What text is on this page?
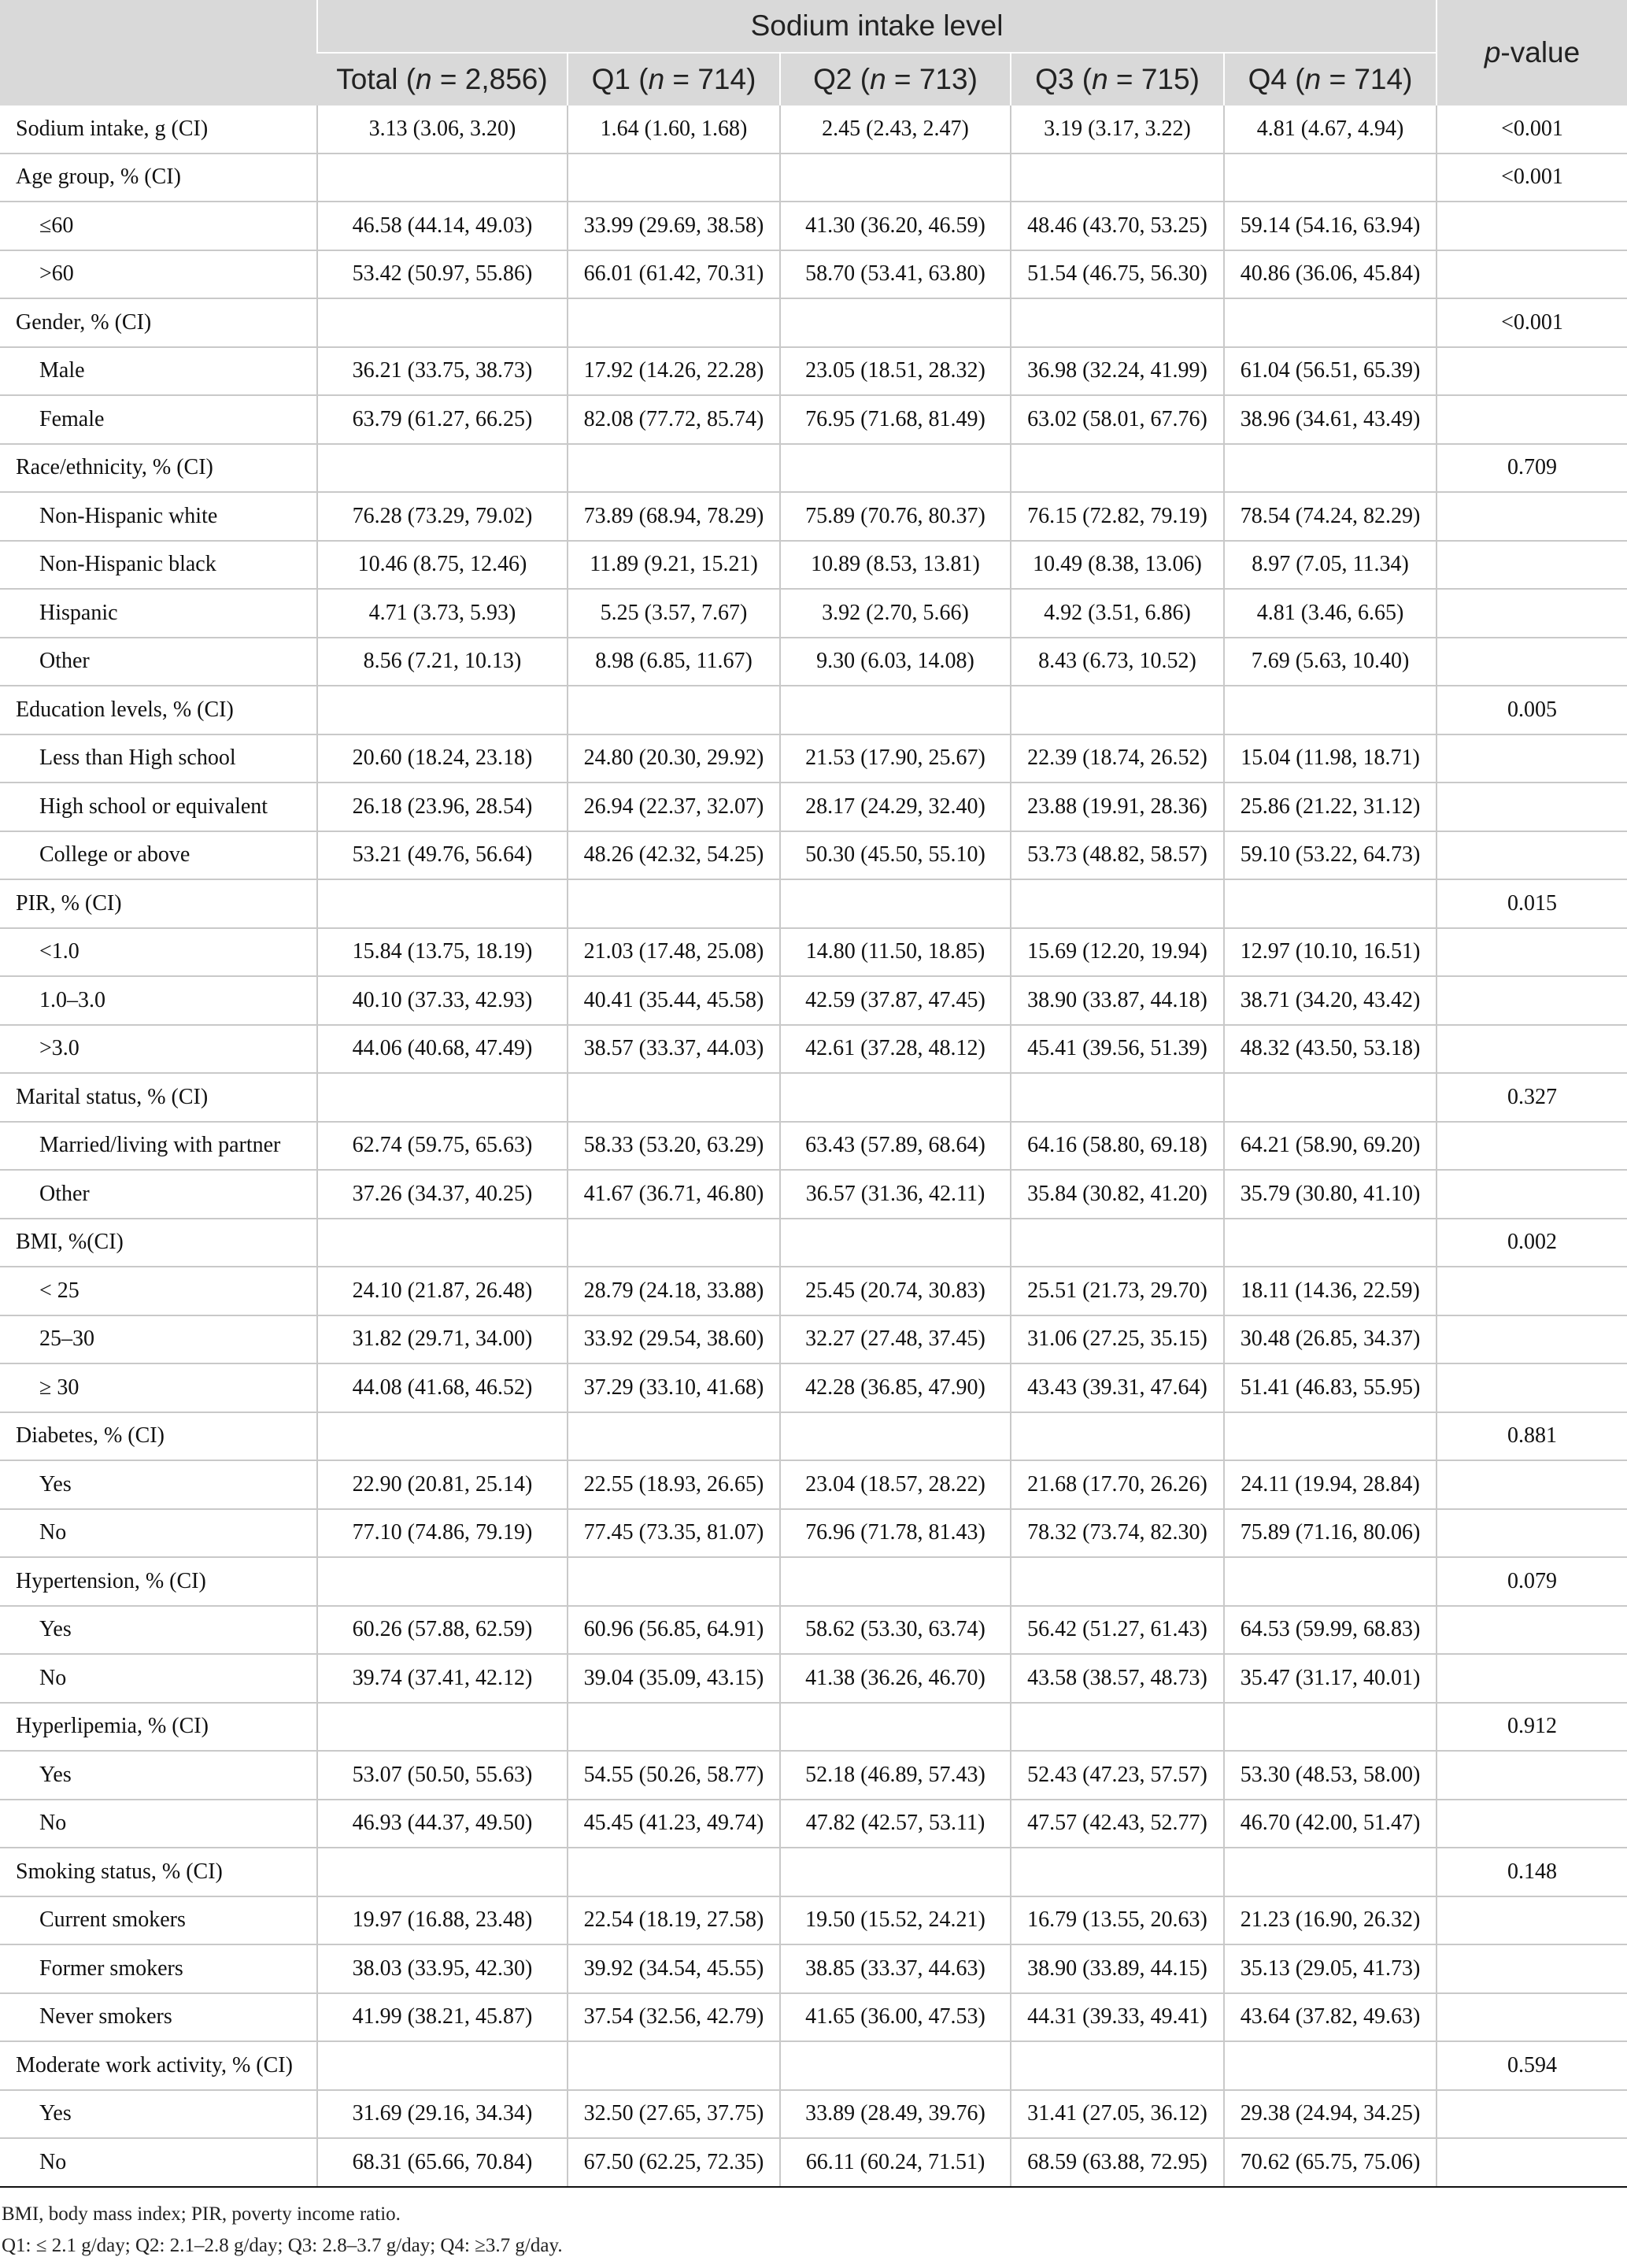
	Sodium intake level					p-value
	Total (n = 2,856)	Q1 (n = 714)	Q2 (n = 713)	Q3 (n = 715)	Q4 (n = 714)	
Sodium intake, g (CI)	3.13 (3.06, 3.20)	1.64 (1.60, 1.68)	2.45 (2.43, 2.47)	3.19 (3.17, 3.22)	4.81 (4.67, 4.94)	<0.001
Age group, % (CI)						<0.001
≤60	46.58 (44.14, 49.03)	33.99 (29.69, 38.58)	41.30 (36.20, 46.59)	48.46 (43.70, 53.25)	59.14 (54.16, 63.94)	
>60	53.42 (50.97, 55.86)	66.01 (61.42, 70.31)	58.70 (53.41, 63.80)	51.54 (46.75, 56.30)	40.86 (36.06, 45.84)	
Gender, % (CI)						<0.001
Male	36.21 (33.75, 38.73)	17.92 (14.26, 22.28)	23.05 (18.51, 28.32)	36.98 (32.24, 41.99)	61.04 (56.51, 65.39)	
Female	63.79 (61.27, 66.25)	82.08 (77.72, 85.74)	76.95 (71.68, 81.49)	63.02 (58.01, 67.76)	38.96 (34.61, 43.49)	
Race/ethnicity, % (CI)						0.709
Non-Hispanic white	76.28 (73.29, 79.02)	73.89 (68.94, 78.29)	75.89 (70.76, 80.37)	76.15 (72.82, 79.19)	78.54 (74.24, 82.29)	
Non-Hispanic black	10.46 (8.75, 12.46)	11.89 (9.21, 15.21)	10.89 (8.53, 13.81)	10.49 (8.38, 13.06)	8.97 (7.05, 11.34)	
Hispanic	4.71 (3.73, 5.93)	5.25 (3.57, 7.67)	3.92 (2.70, 5.66)	4.92 (3.51, 6.86)	4.81 (3.46, 6.65)	
Other	8.56 (7.21, 10.13)	8.98 (6.85, 11.67)	9.30 (6.03, 14.08)	8.43 (6.73, 10.52)	7.69 (5.63, 10.40)	
Education levels, % (CI)						0.005
Less than High school	20.60 (18.24, 23.18)	24.80 (20.30, 29.92)	21.53 (17.90, 25.67)	22.39 (18.74, 26.52)	15.04 (11.98, 18.71)	
High school or equivalent	26.18 (23.96, 28.54)	26.94 (22.37, 32.07)	28.17 (24.29, 32.40)	23.88 (19.91, 28.36)	25.86 (21.22, 31.12)	
College or above	53.21 (49.76, 56.64)	48.26 (42.32, 54.25)	50.30 (45.50, 55.10)	53.73 (48.82, 58.57)	59.10 (53.22, 64.73)	
PIR, % (CI)						0.015
<1.0	15.84 (13.75, 18.19)	21.03 (17.48, 25.08)	14.80 (11.50, 18.85)	15.69 (12.20, 19.94)	12.97 (10.10, 16.51)	
1.0–3.0	40.10 (37.33, 42.93)	40.41 (35.44, 45.58)	42.59 (37.87, 47.45)	38.90 (33.87, 44.18)	38.71 (34.20, 43.42)	
>3.0	44.06 (40.68, 47.49)	38.57 (33.37, 44.03)	42.61 (37.28, 48.12)	45.41 (39.56, 51.39)	48.32 (43.50, 53.18)	
Marital status, % (CI)						0.327
Married/living with partner	62.74 (59.75, 65.63)	58.33 (53.20, 63.29)	63.43 (57.89, 68.64)	64.16 (58.80, 69.18)	64.21 (58.90, 69.20)	
Other	37.26 (34.37, 40.25)	41.67 (36.71, 46.80)	36.57 (31.36, 42.11)	35.84 (30.82, 41.20)	35.79 (30.80, 41.10)	
BMI, %(CI)						0.002
< 25	24.10 (21.87, 26.48)	28.79 (24.18, 33.88)	25.45 (20.74, 30.83)	25.51 (21.73, 29.70)	18.11 (14.36, 22.59)	
25–30	31.82 (29.71, 34.00)	33.92 (29.54, 38.60)	32.27 (27.48, 37.45)	31.06 (27.25, 35.15)	30.48 (26.85, 34.37)	
≥ 30	44.08 (41.68, 46.52)	37.29 (33.10, 41.68)	42.28 (36.85, 47.90)	43.43 (39.31, 47.64)	51.41 (46.83, 55.95)	
Diabetes, % (CI)						0.881
Yes	22.90 (20.81, 25.14)	22.55 (18.93, 26.65)	23.04 (18.57, 28.22)	21.68 (17.70, 26.26)	24.11 (19.94, 28.84)	
No	77.10 (74.86, 79.19)	77.45 (73.35, 81.07)	76.96 (71.78, 81.43)	78.32 (73.74, 82.30)	75.89 (71.16, 80.06)	
Hypertension, % (CI)						0.079
Yes	60.26 (57.88, 62.59)	60.96 (56.85, 64.91)	58.62 (53.30, 63.74)	56.42 (51.27, 61.43)	64.53 (59.99, 68.83)	
No	39.74 (37.41, 42.12)	39.04 (35.09, 43.15)	41.38 (36.26, 46.70)	43.58 (38.57, 48.73)	35.47 (31.17, 40.01)	
Hyperlipemia, % (CI)						0.912
Yes	53.07 (50.50, 55.63)	54.55 (50.26, 58.77)	52.18 (46.89, 57.43)	52.43 (47.23, 57.57)	53.30 (48.53, 58.00)	
No	46.93 (44.37, 49.50)	45.45 (41.23, 49.74)	47.82 (42.57, 53.11)	47.57 (42.43, 52.77)	46.70 (42.00, 51.47)	
Smoking status, % (CI)						0.148
Current smokers	19.97 (16.88, 23.48)	22.54 (18.19, 27.58)	19.50 (15.52, 24.21)	16.79 (13.55, 20.63)	21.23 (16.90, 26.32)	
Former smokers	38.03 (33.95, 42.30)	39.92 (34.54, 45.55)	38.85 (33.37, 44.63)	38.90 (33.89, 44.15)	35.13 (29.05, 41.73)	
Never smokers	41.99 (38.21, 45.87)	37.54 (32.56, 42.79)	41.65 (36.00, 47.53)	44.31 (39.33, 49.41)	43.64 (37.82, 49.63)	
Moderate work activity, % (CI)						0.594
Yes	31.69 (29.16, 34.34)	32.50 (27.65, 37.75)	33.89 (28.49, 39.76)	31.41 (27.05, 36.12)	29.38 (24.94, 34.25)	
No	68.31 (65.66, 70.84)	67.50 (62.25, 72.35)	66.11 (60.24, 71.51)	68.59 (63.88, 72.95)	70.62 (65.75, 75.06)	
BMI, body mass index; PIR, poverty income ratio.
Q1: ≤ 2.1 g/day; Q2: 2.1–2.8 g/day; Q3: 2.8–3.7 g/day; Q4: ≥3.7 g/day.
